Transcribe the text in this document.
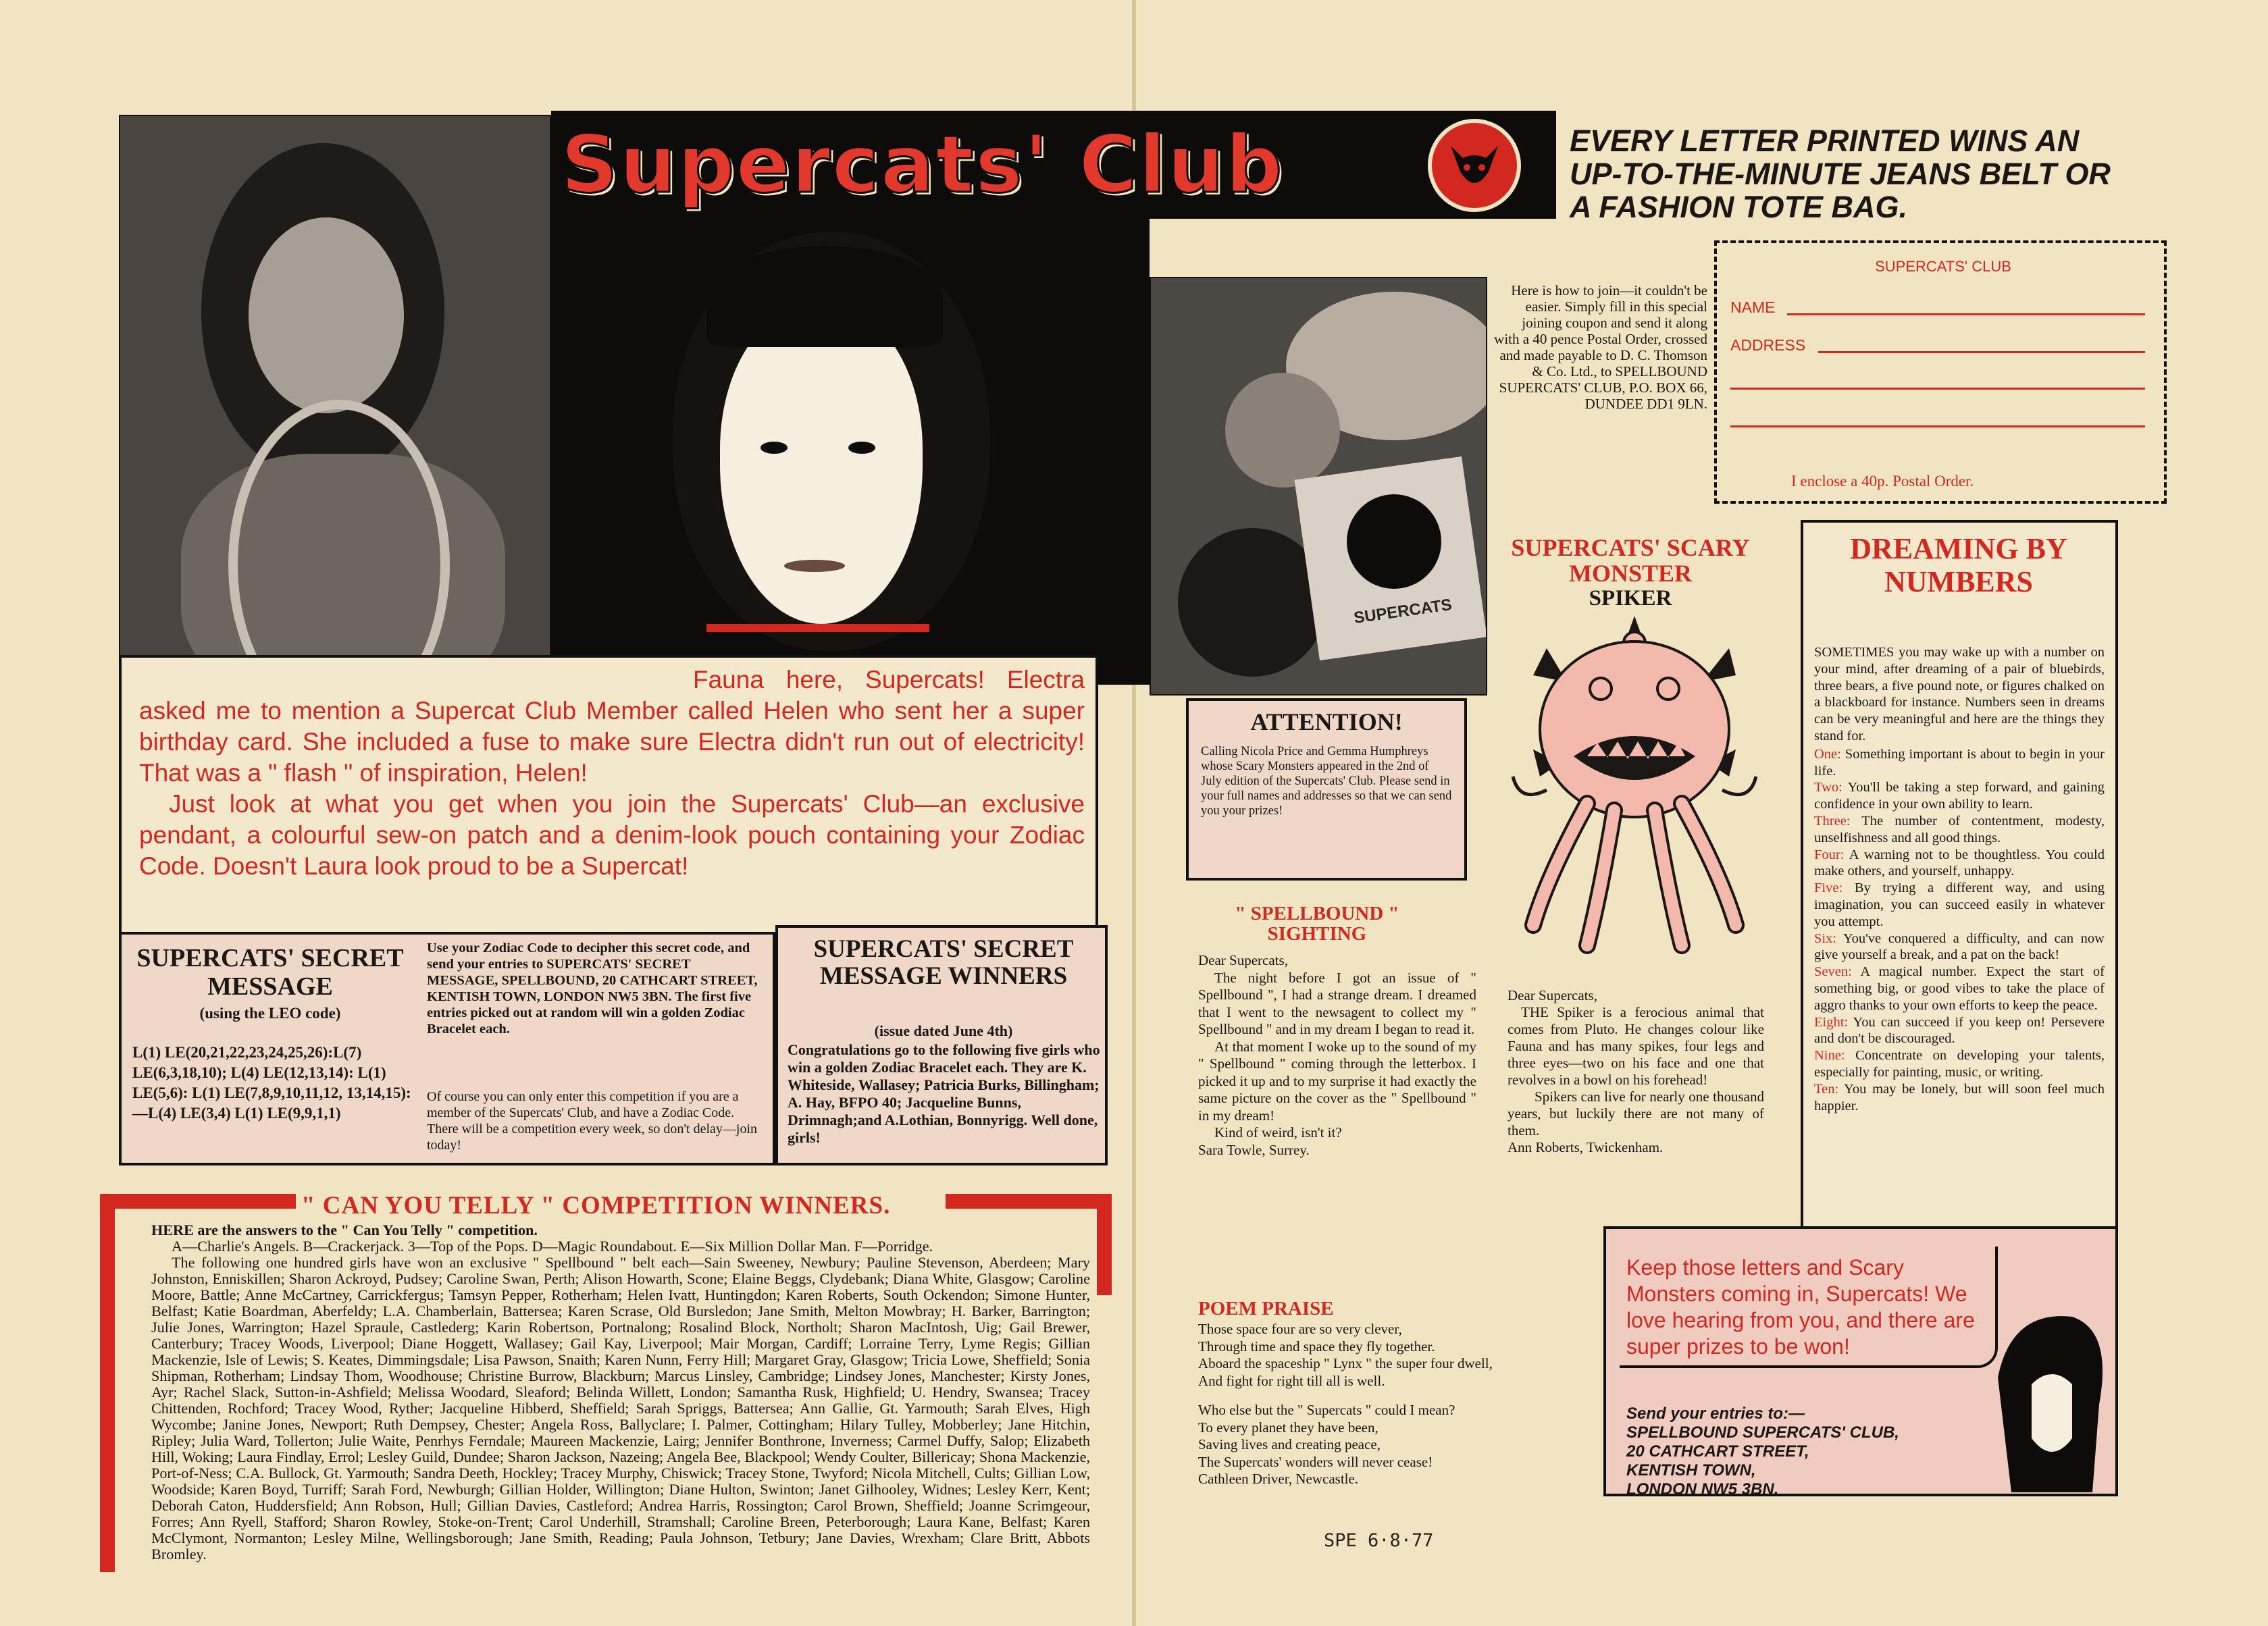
Supercats' Club

Fauna here, Supercats! Electra asked me to mention a Supercat Club Member called Helen who sent her a super birthday card. She included a fuse to make sure Electra didn't run out of electricity! That was a " flash " of inspiration, Helen!

Just look at what you get when you join the Supercats' Club—an exclusive pendant, a colourful sew-on patch and a denim-look pouch containing your Zodiac Code. Doesn't Laura look proud to be a Supercat!

SUPERCATS' SECRET MESSAGE
(using the LEO code)
L(1) LE(20,21,22,23,24,25,26):L(7) LE(6,3,18,10); L(4) LE(12,13,14): L(1) LE(5,6): L(1) LE(7,8,9,10,11,12, 13,14,15):—L(4) LE(3,4) L(1) LE(9,9,1,1)
Use your Zodiac Code to decipher this secret code, and send your entries to SUPERCATS' SECRET MESSAGE, SPELLBOUND, 20 CATHCART STREET, KENTISH TOWN, LONDON NW5 3BN. The first five entries picked out at random will win a golden Zodiac Bracelet each.
Of course you can only enter this competition if you are a member of the Supercats' Club, and have a Zodiac Code. There will be a competition every week, so don't delay—join today!
SUPERCATS' SECRET MESSAGE WINNERS
(issue dated June 4th)
Congratulations go to the following five girls who win a golden Zodiac Bracelet each. They are K. Whiteside, Wallasey; Patricia Burks, Billingham; A. Hay, BFPO 40; Jacqueline Bunns, Drimnagh;and A.Lothian, Bonnyrigg. Well done, girls!
" CAN YOU TELLY " COMPETITION WINNERS.

HERE are the answers to the " Can You Telly " competition.

A—Charlie's Angels. B—Crackerjack. 3—Top of the Pops. D—Magic Roundabout. E—Six Million Dollar Man. F—Porridge.

The following one hundred girls have won an exclusive " Spellbound " belt each—Sain Sweeney, Newbury; Pauline Stevenson, Aberdeen; Mary Johnston, Enniskillen; Sharon Ackroyd, Pudsey; Caroline Swan, Perth; Alison Howarth, Scone; Elaine Beggs, Clydebank; Diana White, Glasgow; Caroline Moore, Battle; Anne McCartney, Carrickfergus; Tamsyn Pepper, Rotherham; Helen Ivatt, Huntingdon; Karen Roberts, South Ockendon; Simone Hunter, Belfast; Katie Boardman, Aberfeldy; L.A. Chamberlain, Battersea; Karen Scrase, Old Bursledon; Jane Smith, Melton Mowbray; H. Barker, Barrington; Julie Jones, Warrington; Hazel Spraule, Castlederg; Karin Robertson, Portnalong; Rosalind Block, Northolt; Sharon MacIntosh, Uig; Gail Brewer, Canterbury; Tracey Woods, Liverpool; Diane Hoggett, Wallasey; Gail Kay, Liverpool; Mair Morgan, Cardiff; Lorraine Terry, Lyme Regis; Gillian Mackenzie, Isle of Lewis; S. Keates, Dimmingsdale; Lisa Pawson, Snaith; Karen Nunn, Ferry Hill; Margaret Gray, Glasgow; Tricia Lowe, Sheffield; Sonia Shipman, Rotherham; Lindsay Thom, Woodhouse; Christine Burrow, Blackburn; Marcus Linsley, Cambridge; Lindsey Jones, Manchester; Kirsty Jones, Ayr; Rachel Slack, Sutton-in-Ashfield; Melissa Woodard, Sleaford; Belinda Willett, London; Samantha Rusk, Highfield; U. Hendry, Swansea; Tracey Chittenden, Rochford; Tracey Wood, Ryther; Jacqueline Hibberd, Sheffield; Sarah Spriggs, Battersea; Ann Gallie, Gt. Yarmouth; Sarah Elves, High Wycombe; Janine Jones, Newport; Ruth Dempsey, Chester; Angela Ross, Ballyclare; I. Palmer, Cottingham; Hilary Tulley, Mobberley; Jane Hitchin, Ripley; Julia Ward, Tollerton; Julie Waite, Penrhys Ferndale; Maureen Mackenzie, Lairg; Jennifer Bonthrone, Inverness; Carmel Duffy, Salop; Elizabeth Hill, Woking; Laura Findlay, Errol; Lesley Guild, Dundee; Sharon Jackson, Nazeing; Angela Bee, Blackpool; Wendy Coulter, Billericay; Shona Mackenzie, Port-of-Ness; C.A. Bullock, Gt. Yarmouth; Sandra Deeth, Hockley; Tracey Murphy, Chiswick; Tracey Stone, Twyford; Nicola Mitchell, Cults; Gillian Low, Woodside; Karen Boyd, Turriff; Sarah Ford, Newburgh; Gillian Holder, Willington; Diane Hulton, Swinton; Janet Gilhooley, Widnes; Lesley Kerr, Kent; Deborah Caton, Huddersfield; Ann Robson, Hull; Gillian Davies, Castleford; Andrea Harris, Rossington; Carol Brown, Sheffield; Joanne Scrimgeour, Forres; Ann Ryell, Stafford; Sharon Rowley, Stoke-on-Trent; Carol Underhill, Stramshall; Caroline Breen, Peterborough; Laura Kane, Belfast; Karen McClymont, Normanton; Lesley Milne, Wellingsborough; Jane Smith, Reading; Paula Johnson, Tetbury; Jane Davies, Wrexham; Clare Britt, Abbots Bromley.

EVERY LETTER PRINTED WINS AN UP-TO-THE-MINUTE JEANS BELT OR A FASHION TOTE BAG.
SUPERCATS
Here is how to join—it couldn't be easier. Simply fill in this special joining coupon and send it along with a 40 pence Postal Order, crossed and made payable to D. C. Thomson & Co. Ltd., to SPELLBOUND SUPERCATS' CLUB, P.O. BOX 66, DUNDEE DD1 9LN.
SUPERCATS' CLUB
NAME
ADDRESS
I enclose a 40p. Postal Order.
ATTENTION!
Calling Nicola Price and Gemma Humphreys whose Scary Monsters appeared in the 2nd of July edition of the Supercats' Club. Please send in your full names and addresses so that we can send you your prizes!
" SPELLBOUND " SIGHTING

Dear Supercats,

The night before I got an issue of " Spellbound ", I had a strange dream. I dreamed that I went to the newsagent to collect my " Spellbound " and in my dream I began to read it.

At that moment I woke up to the sound of my " Spellbound " coming through the letterbox. I picked it up and to my surprise it had exactly the same picture on the cover as the " Spellbound " in my dream!

Kind of weird, isn't it?

Sara Towle, Surrey.

POEM PRAISE
Those space four are so very clever,
Through time and space they fly together.
Aboard the spaceship " Lynx " the super four dwell,
And fight for right till all is well.
Who else but the " Supercats " could I mean?
To every planet they have been,
Saving lives and creating peace,
The Supercats' wonders will never cease!
Cathleen Driver, Newcastle.
SUPERCATS' SCARY MONSTER
SPIKER

Dear Supercats,

THE Spiker is a ferocious animal that comes from Pluto. He changes colour like Fauna and has many spikes, four legs and three eyes—two on his face and one that revolves in a bowl on his forehead!

Spikers can live for nearly one thousand years, but luckily there are not many of them.

Ann Roberts, Twickenham.

DREAMING BY NUMBERS

SOMETIMES you may wake up with a number on your mind, after dreaming of a pair of bluebirds, three bears, a five pound note, or figures chalked on a blackboard for instance. Numbers seen in dreams can be very meaningful and here are the things they stand for.

One: Something important is about to begin in your life.

Two: You'll be taking a step forward, and gaining confidence in your own ability to learn.

Three: The number of contentment, modesty, unselfishness and all good things.

Four: A warning not to be thoughtless. You could make others, and yourself, unhappy.

Five: By trying a different way, and using imagination, you can succeed easily in whatever you attempt.

Six: You've conquered a difficulty, and can now give yourself a break, and a pat on the back!

Seven: A magical number. Expect the start of something big, or good vibes to take the place of aggro thanks to your own efforts to keep the peace.

Eight: You can succeed if you keep on! Persevere and don't be discouraged.

Nine: Concentrate on developing your talents, especially for painting, music, or writing.

Ten: You may be lonely, but will soon feel much happier.

Keep those letters and Scary Monsters coming in, Supercats! We love hearing from you, and there are super prizes to be won!
Send your entries to:—
SPELLBOUND SUPERCATS' CLUB,
20 CATHCART STREET,
KENTISH TOWN,
LONDON NW5 3BN.
SPE 6·8·77
